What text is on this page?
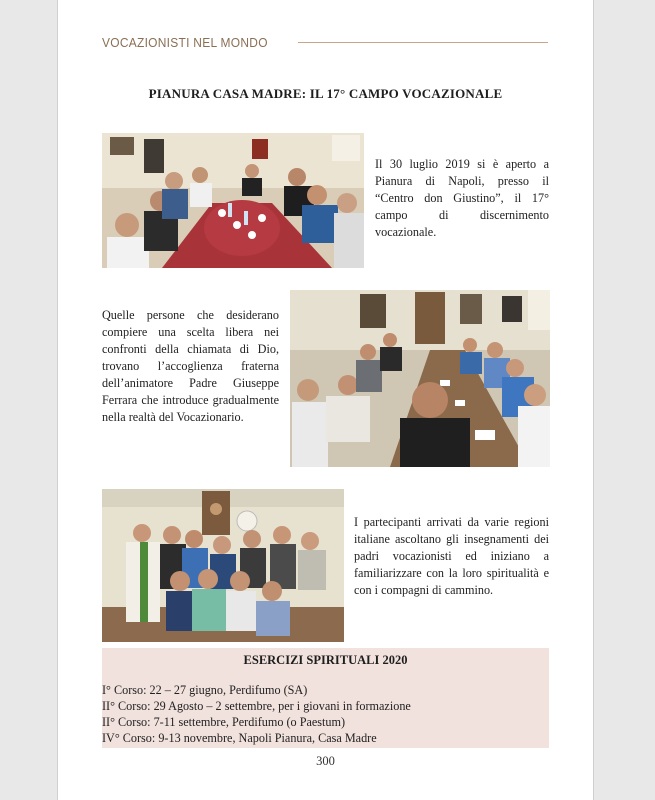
VOCAZIONISTI NEL MONDO
PIANURA CASA MADRE: IL 17° CAMPO VOCAZIONALE
Il 30 luglio 2019 si è aperto a Pianura di Napoli, presso il “Centro don Giustino”, il 17° campo di discernimento vocazionale.
Quelle persone che desiderano compiere una scelta libera nei confronti della chiamata di Dio, trovano l’accoglienza fraterna dell’animatore Padre Giuseppe Ferrara che introduce gradualmente nella realtà del Vocazionario.
I partecipanti arrivati da varie regioni italiane ascoltano gli insegnamenti dei padri vocazionisti ed iniziano a familiarizzare con la loro spiritualità e con i compagni di cammino.
ESERCIZI SPIRITUALI 2020
I° Corso: 22 – 27 giugno, Perdifumo (SA)
II° Corso: 29 Agosto – 2 settembre, per i giovani in formazione
II° Corso: 7-11 settembre, Perdifumo (o Paestum)
IV° Corso: 9-13 novembre, Napoli Pianura, Casa Madre
300
